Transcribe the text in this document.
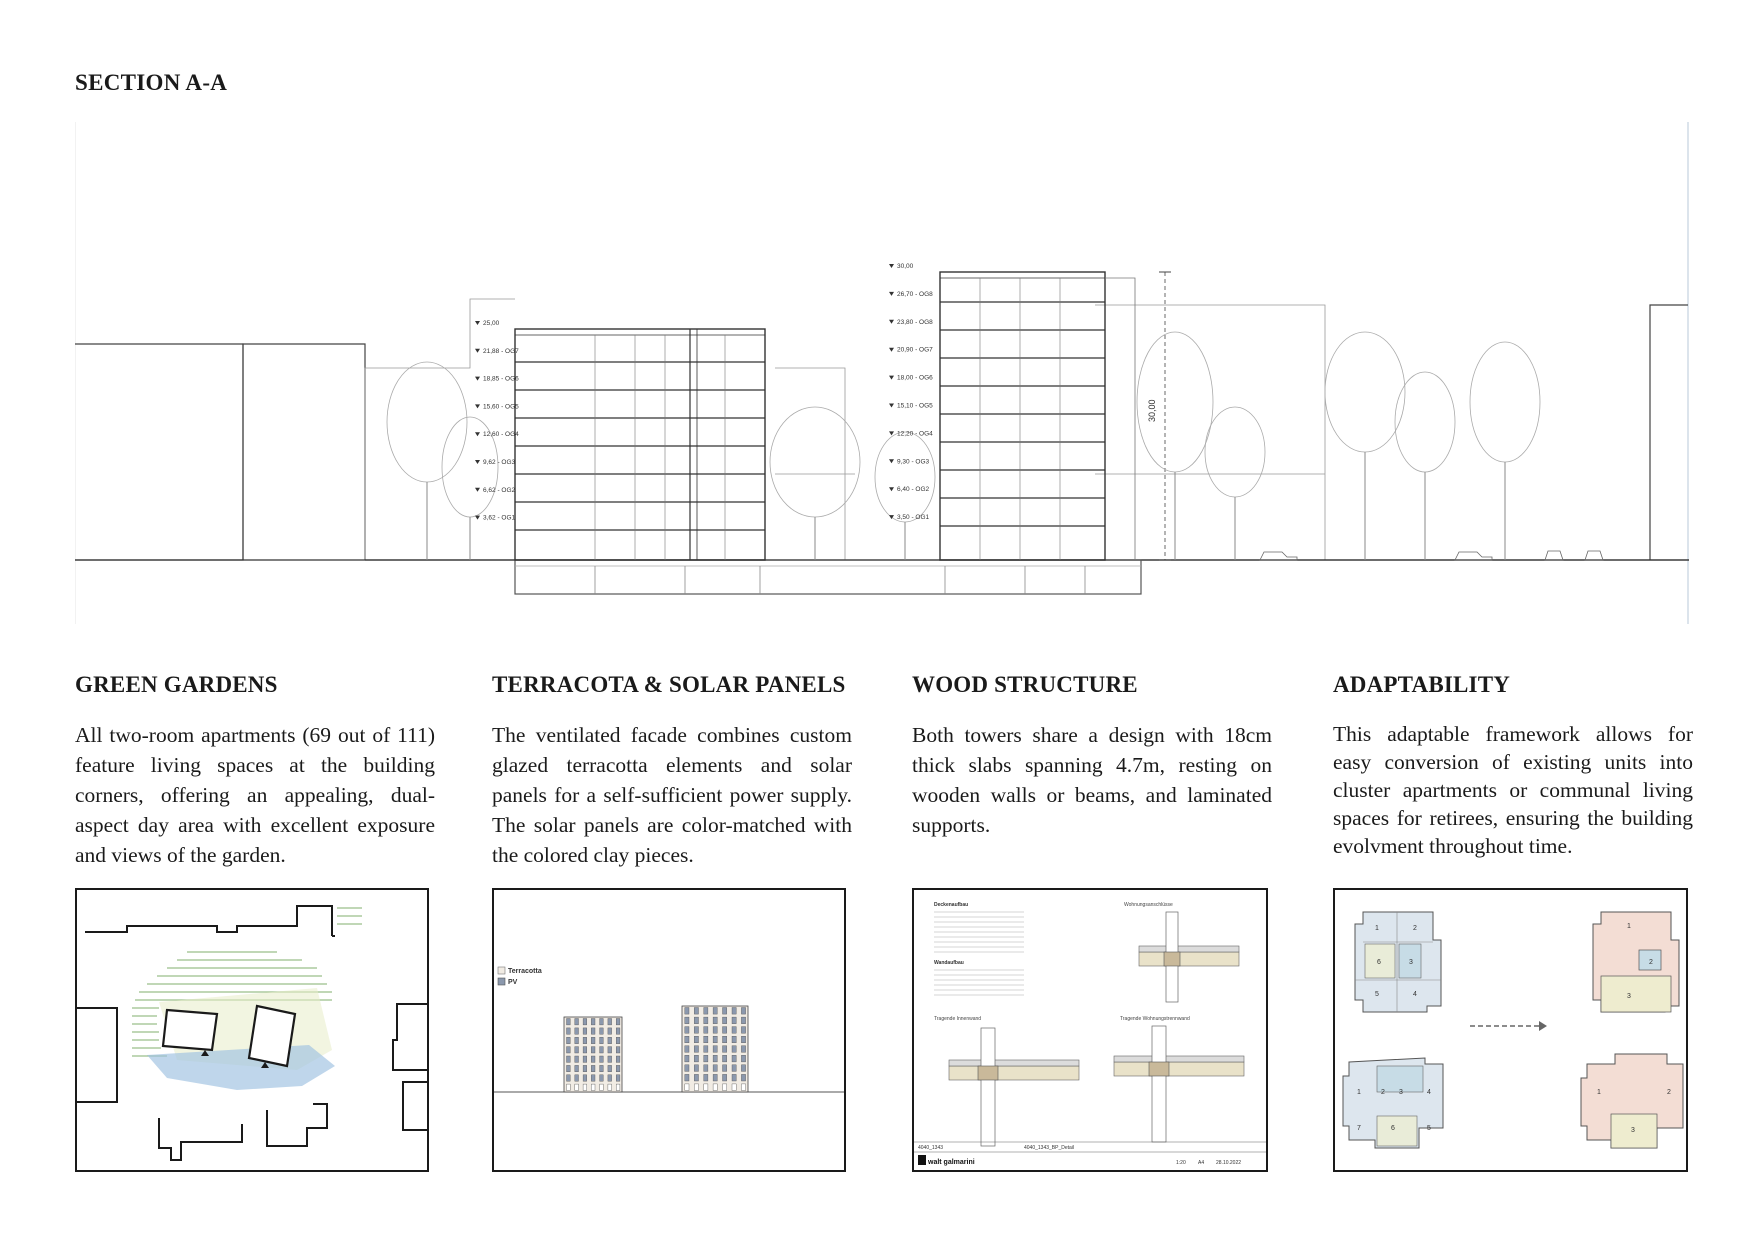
SECTION A-A
30,00
25,00
21,88 - OG7
18,85 - OG6
15,60 - OG5
12,60 - OG4
9,62 - OG3
6,62 - OG2
3,62 - OG1
30,00
26,70 - OG8
23,80 - OG8
20,90 - OG7
18,00 - OG6
15,10 - OG5
12,20 - OG4
9,30 - OG3
6,40 - OG2
3,50 - OG1
GREEN GARDENS

All two-room apartments (69 out of 111) feature living spaces at the building corners, offering an appealing, dual-aspect day area with excellent exposure and views of the garden.

TERRACOTA & SOLAR PANELS

The ventilated facade combines custom glazed terracotta elements and solar panels for a self-sufficient power supply. The solar panels are color-matched with the colored clay pieces.

Terracotta
PV
WOOD STRUCTURE

Both towers share a design with 18cm thick slabs spanning 4.7m, resting on wooden walls or beams, and laminated supports.

Deckenaufbau
Wandaufbau
Wohnungsanschlüsse
Tragende Innenwand	Tragende Wohnungstrennwand
4040_1343	4040_1343_BP_Detail
walt galmarini	1:20 A4 28.10.2022
ADAPTABILITY

This adaptable framework allows for easy conversion of existing units into cluster apartments or communal living spaces for retirees, ensuring the building evolvment throughout time.

1	2
6	3
5	4
1
2
3
1	2 3	4
7	6	5
1	2
3
